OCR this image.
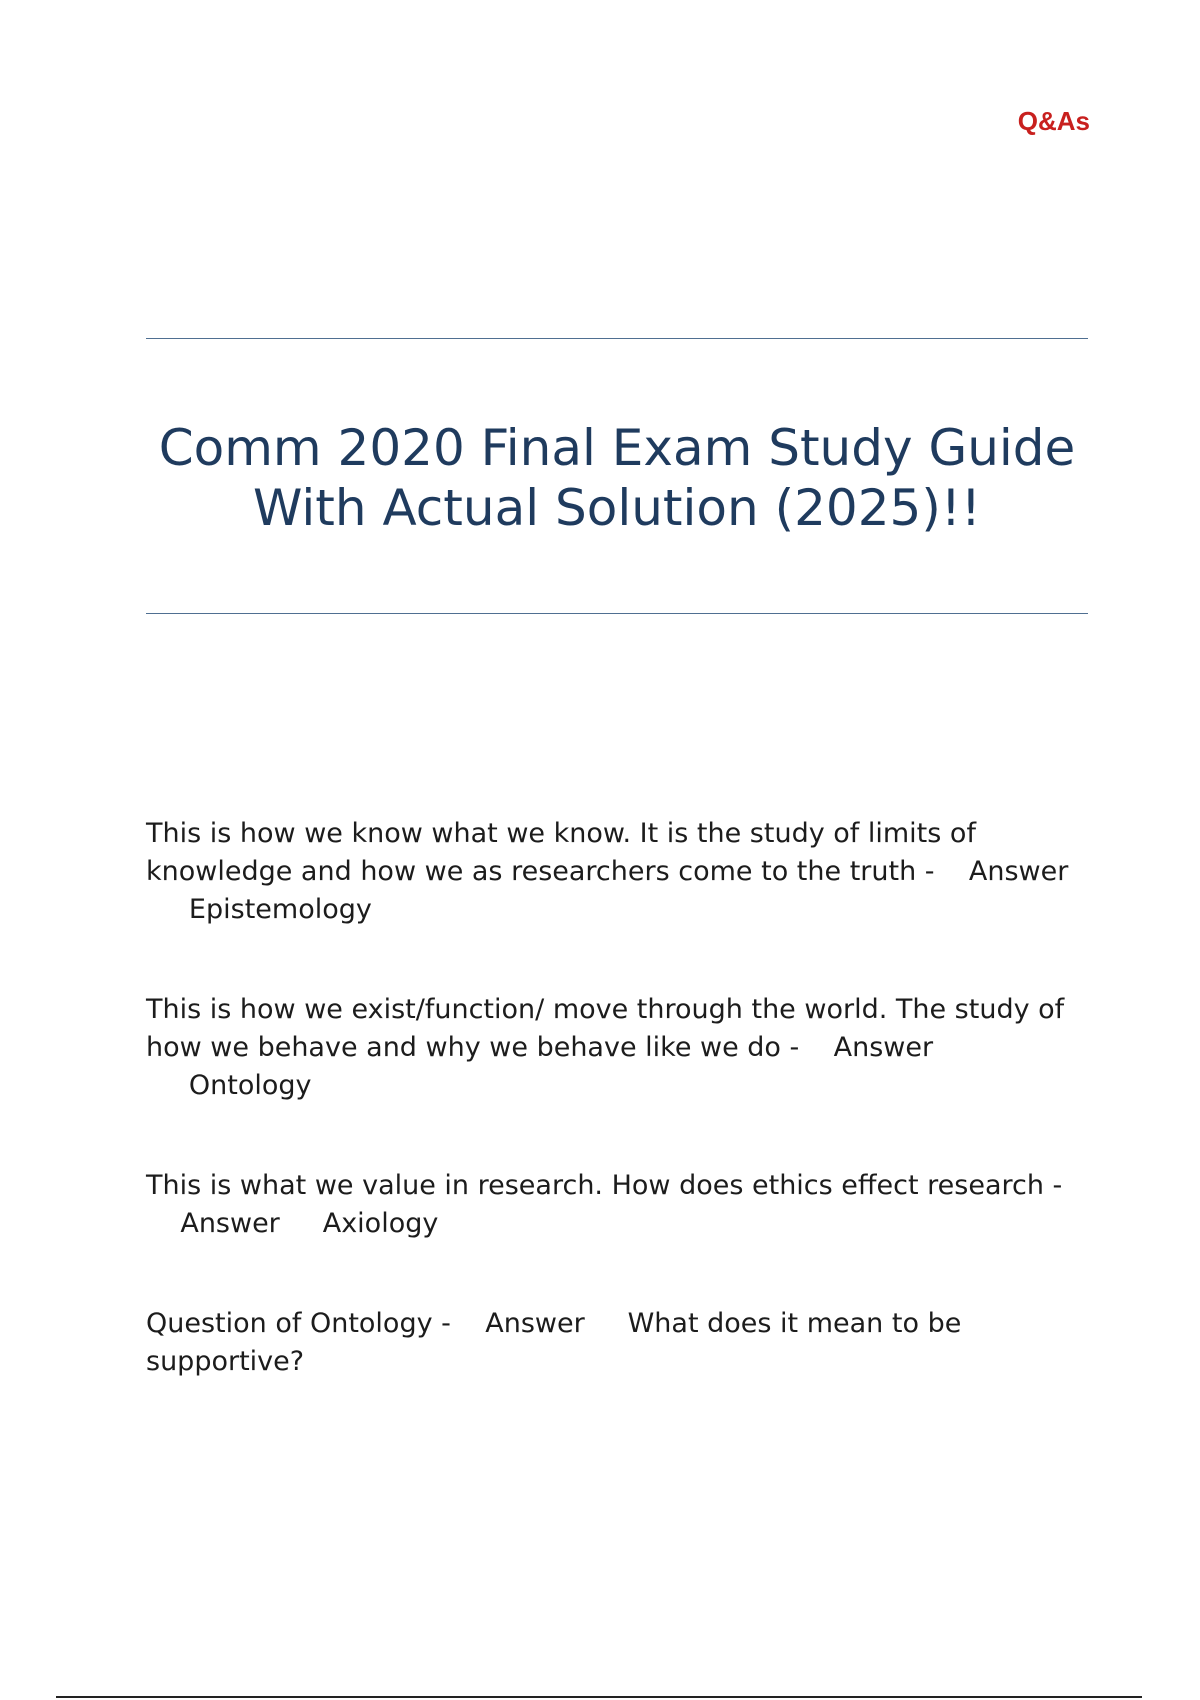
Q&As

Comm 2020 Final Exam Study Guide With Actual Solution (2025)!!

This is how we know what we know. It is the study of limits of knowledge and how we as researchers come to the truth - Answer     Epistemology

This is how we exist/function/ move through the world. The study of how we behave and why we behave like we do - Answer     Ontology

This is what we value in research. How does ethics effect research -    Answer Axiology

Question of Ontology - Answer What does it mean to be supportive?
